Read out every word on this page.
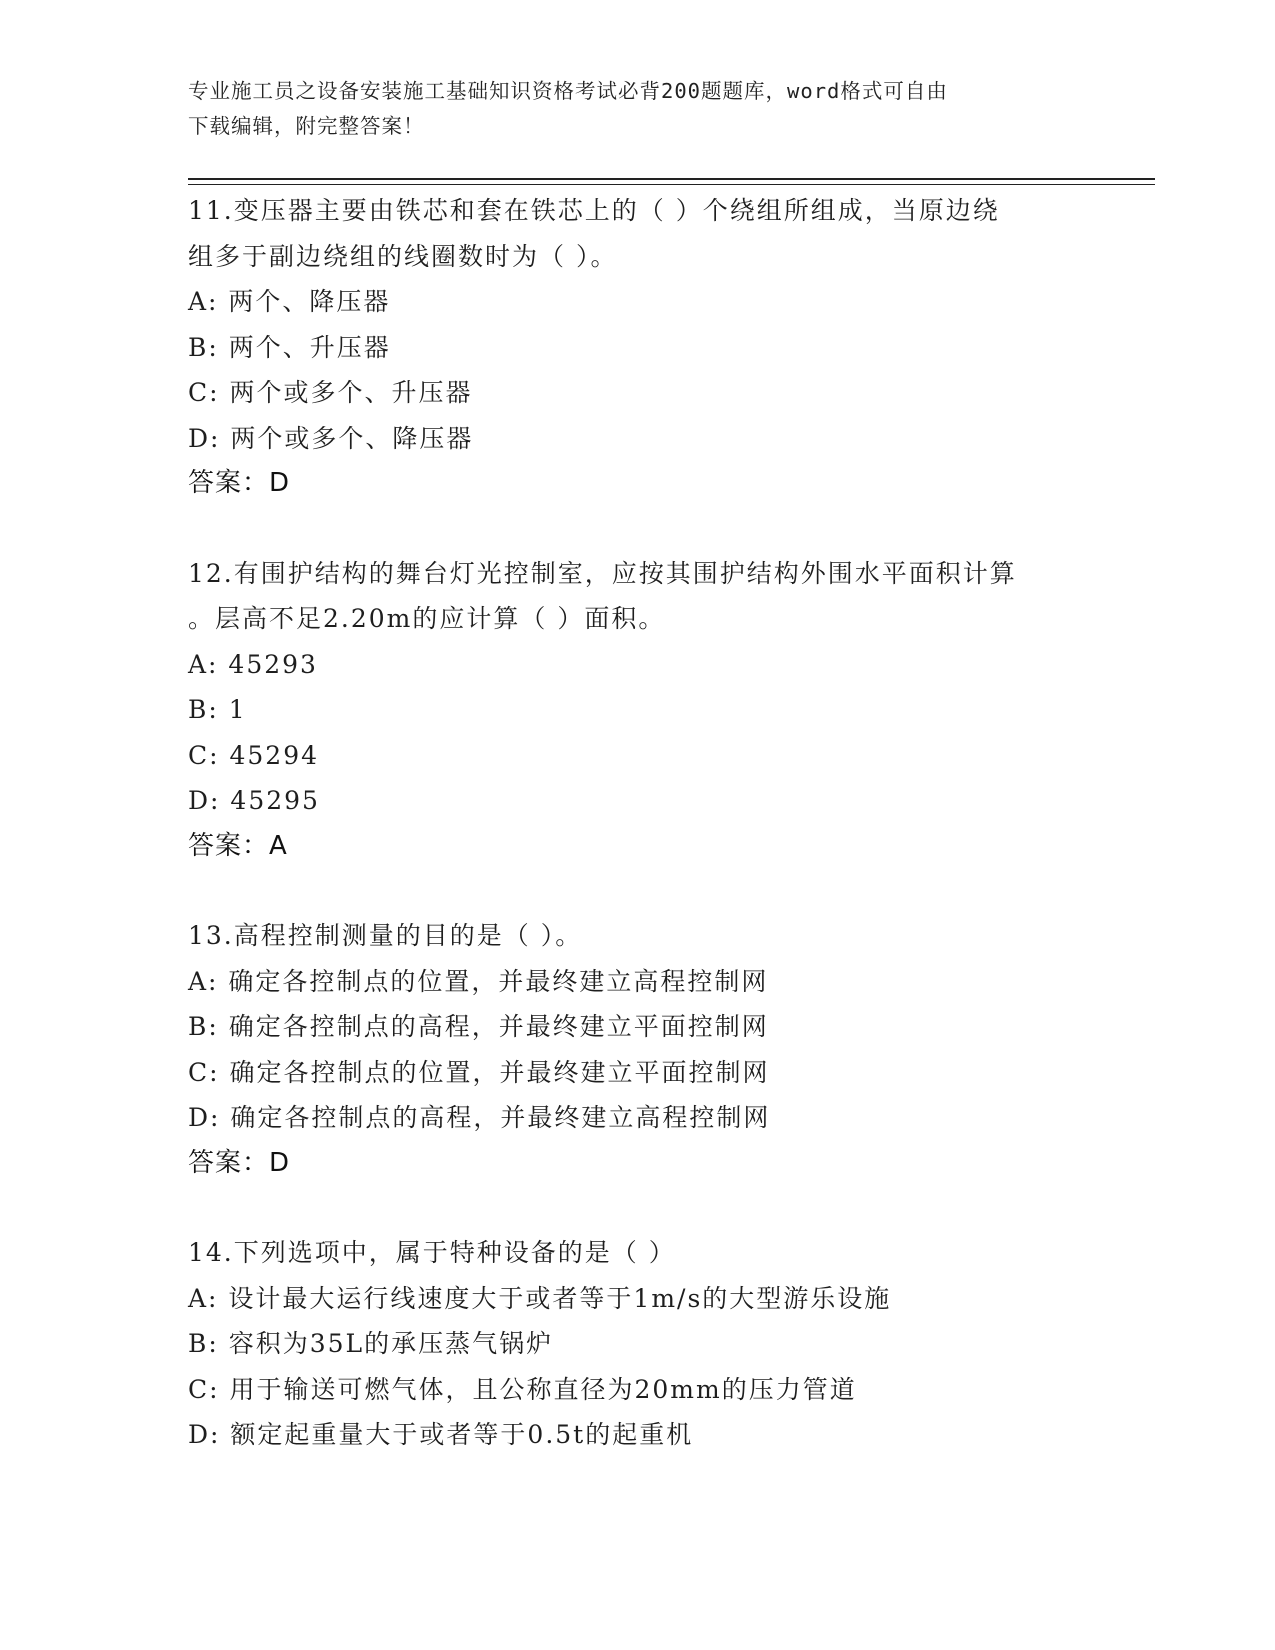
专业施工员之设备安装施工基础知识资格考试必背200题题库，word格式可自由
下载编辑，附完整答案！
11.变压器主要由铁芯和套在铁芯上的（ ）个绕组所组成，当原边绕
组多于副边绕组的线圈数时为（ ）。
A: 两个、降压器
B: 两个、升压器
C: 两个或多个、升压器
D: 两个或多个、降压器
答案：D
12.有围护结构的舞台灯光控制室，应按其围护结构外围水平面积计算
。层高不足2.20m的应计算（ ）面积。
A: 45293
B: 1
C: 45294
D: 45295
答案：A
13.高程控制测量的目的是（ ）。
A: 确定各控制点的位置，并最终建立高程控制网
B: 确定各控制点的高程，并最终建立平面控制网
C: 确定各控制点的位置，并最终建立平面控制网
D: 确定各控制点的高程，并最终建立高程控制网
答案：D
14.下列选项中，属于特种设备的是（ ）
A: 设计最大运行线速度大于或者等于1m/s的大型游乐设施
B: 容积为35L的承压蒸气锅炉
C: 用于输送可燃气体，且公称直径为20mm的压力管道
D: 额定起重量大于或者等于0.5t的起重机
